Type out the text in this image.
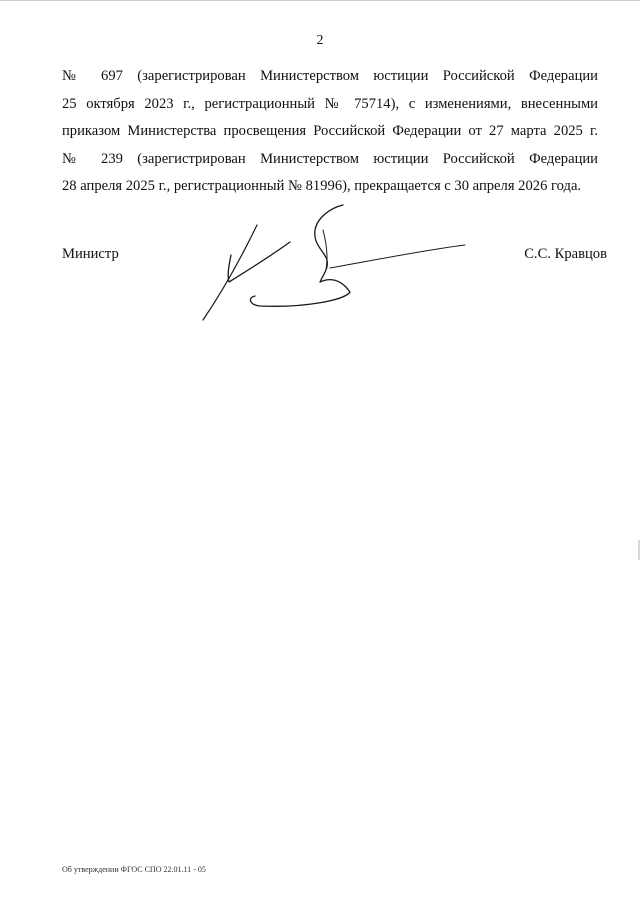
2
№ 697 (зарегистрирован Министерством юстиции Российской Федерации
25 октября 2023 г., регистрационный № 75714), с изменениями, внесенными
приказом Министерства просвещения Российской Федерации от 27 марта 2025 г.
№ 239 (зарегистрирован Министерством юстиции Российской Федерации
28 апреля 2025 г., регистрационный № 81996), прекращается с 30 апреля 2026 года.
Министр	С.С. Кравцов
Об утверждении ФГОС СПО 22.01.11 - 05
